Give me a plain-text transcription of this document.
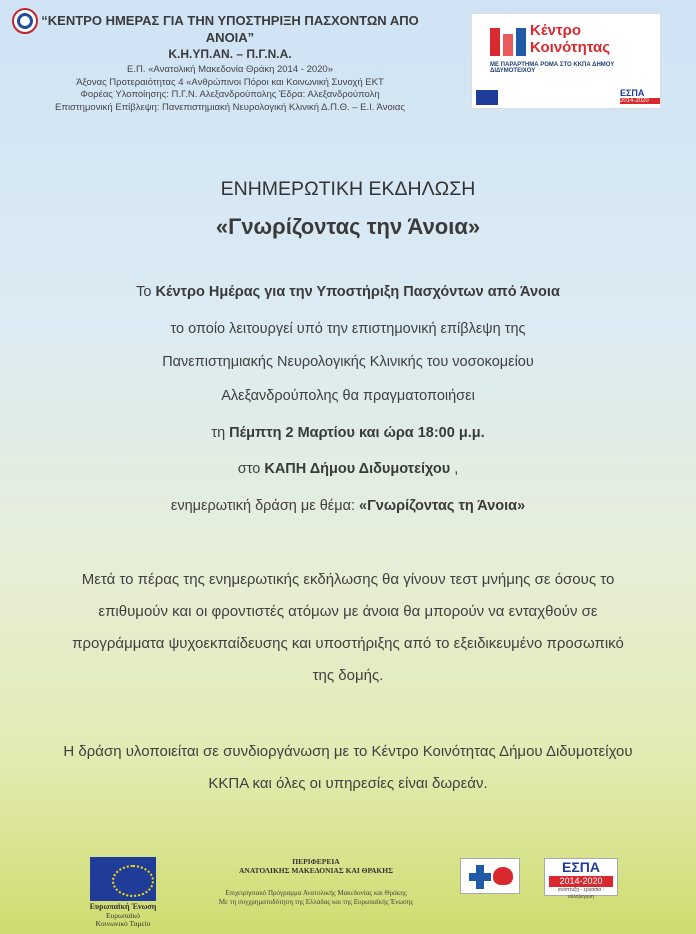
“ΚΕΝΤΡΟ ΗΜΕΡΑΣ ΓΙΑ ΤΗΝ ΥΠΟΣΤΗΡΙΞΗ ΠΑΣΧΟΝΤΩΝ ΑΠΟ ΑΝΟΙΑ”
Κ.Η.ΥΠ.ΑΝ. – Π.Γ.Ν.Α.
Ε.Π. «Ανατολική Μακεδονία Θράκη 2014 - 2020»
Άξονας Προτεραιότητας 4 «Ανθρώπινοι Πόροι και Κοινωνική Συνοχή ΕΚΤ
Φορέας Υλοποίησης: Π.Γ.Ν. Αλεξανδρούπολης Έδρα: Αλεξανδρούπολη
Επιστημονική Επίβλεψη: Πανεπιστημιακή Νευρολογική Κλινική Δ.Π.Θ. – Ε.Ι. Άνοιας
Κέντρο
Κοινότητας
ΜΕ ΠΑΡΑΡΤΗΜΑ ΡΟΜΑ ΣΤΟ ΚΚΠΑ ΔΗΜΟΥ ΔΙΔΥΜΟΤΕΙΧΟΥ
ΕΣΠΑ
2014-2020
ΕΝΗΜΕΡΩΤΙΚΗ ΕΚΔΗΛΩΣΗ
«Γνωρίζοντας την Άνοια»
Το Κέντρο Ημέρας για την Υποστήριξη Πασχόντων από Άνοια
το οποίο λειτουργεί υπό την επιστημονική επίβλεψη της
Πανεπιστημιακής Νευρολογικής Κλινικής του νοσοκομείου
Αλεξανδρούπολης θα πραγματοποιήσει
τη Πέμπτη 2 Μαρτίου και ώρα 18:00 μ.μ.
στο ΚΑΠΗ Δήμου Διδυμοτείχου ,
ενημερωτική δράση με θέμα: «Γνωρίζοντας τη Άνοια»
Μετά το πέρας της ενημερωτικής εκδήλωσης θα γίνουν τεστ μνήμης σε όσους το επιθυμούν και οι φροντιστές ατόμων με άνοια θα μπορούν να ενταχθούν σε προγράμματα ψυχοεκπαίδευσης και υποστήριξης από το εξειδικευμένο προσωπικό της δομής.
Η δράση υλοποιείται σε συνδιοργάνωση με το Κέντρο Κοινότητας Δήμου Διδυμοτείχου ΚΚΠΑ και όλες οι υπηρεσίες είναι δωρεάν.
Ευρωπαϊκή Ένωση
Ευρωπαϊκό
Κοινωνικό Ταμείο
ΠΕΡΙΦΕΡΕΙΑ
ΑΝΑΤΟΛΙΚΗΣ ΜΑΚΕΔΟΝΙΑΣ ΚΑΙ ΘΡΑΚΗΣ
Επιχειρησιακό Πρόγραμμα Ανατολικής Μακεδονίας και Θράκης
Με τη συγχρηματοδότηση της Ελλάδας και της Ευρωπαϊκής Ένωσης
ΕΣΠΑ
2014-2020
ανάπτυξη - εργασία - αλληλεγγύη
